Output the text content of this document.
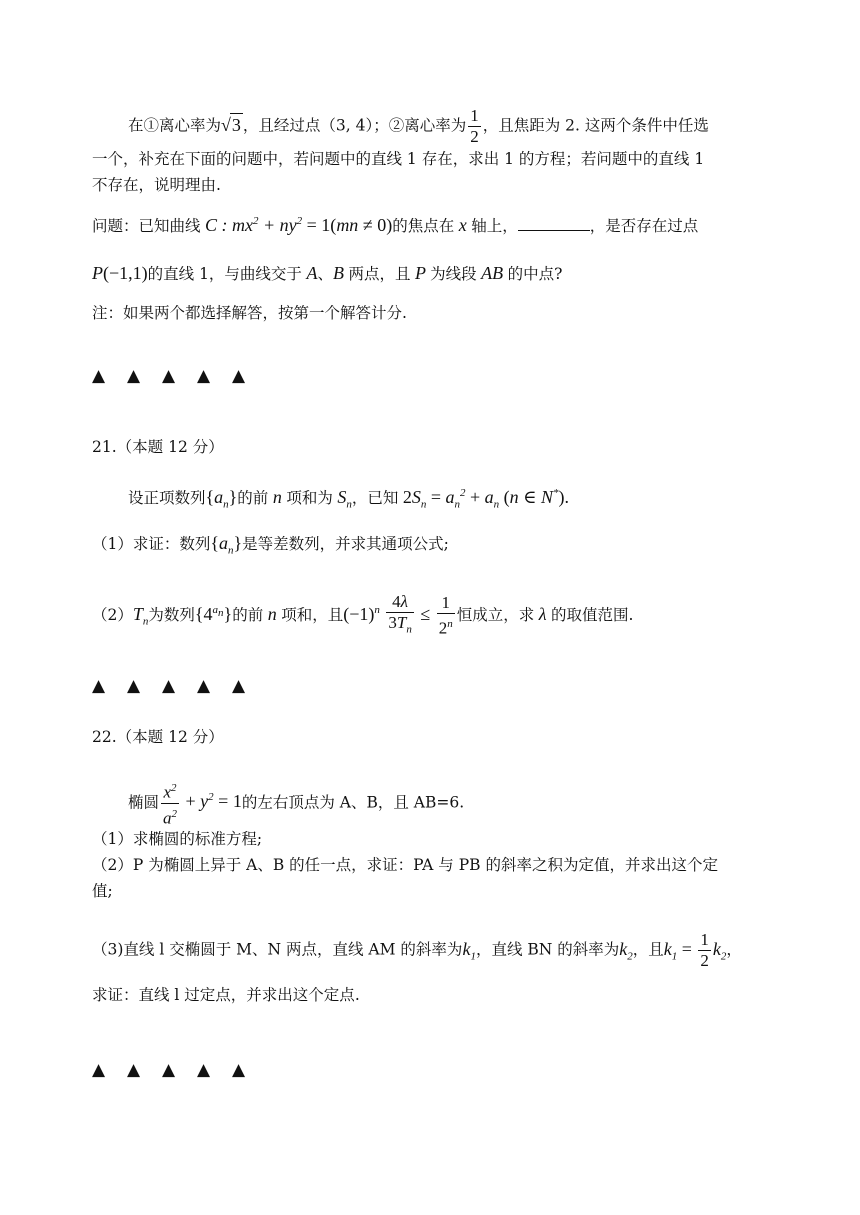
在①离心率为√3 ，且经过点（3, 4）；②离心率为 $\frac{1}{2}$ ，且焦距为 2. 这两个条件中任选
一个，补充在下面的问题中，若问题中的直线 1 存在，求出 1 的方程；若问题中的直线 1
不存在，说明理由.
问题：已知曲线 C : $mx^2 + ny^2 = 1(mn \ne 0)$的焦点在 x 轴上，	，是否存在过点
P(−1,1)的直线 1，与曲线交于 A、B 两点，且 P 为线段 AB 的中点?
注：如果两个都选择解答，按第一个解答计分.
▲ ▲ ▲ ▲ ▲
21.（本题 12 分）
设正项数列$\{a_n\}$的前 n 项和为 $S_n$，已知 $2S_n = a_n^2 + a_n$ (n ∈ N*).
（1）求证：数列$\{a_n\}$是等差数列，并求其通项公式;
$(2)T_n$为数列$\{4^{a_n}\}$的前 n 项和，且$(-1)^n \frac{4\lambda}{3T_n} \le \frac{1}{2^n}$ 恒成立，求 λ 的取值范围.
▲ ▲ ▲ ▲ ▲
22.（本题 12 分）
椭圆 $\frac{x^2}{a^2} + y^2 = 1$的左右顶点为 A、B，且 AB=6.
（1）求椭圆的标准方程;
（2）P 为椭圆上异于 A、B 的任一点，求证：PA 与 PB 的斜率之积为定值，并求出这个定
值;
（3)直线 l 交椭圆于 M、N 两点，直线 AM 的斜率为$k_1$，直线 BN 的斜率为$k_2$，且$k_1 = \frac{1}{2} k_2$，
求证：直线 l 过定点，并求出这个定点.
▲ ▲ ▲ ▲ ▲
